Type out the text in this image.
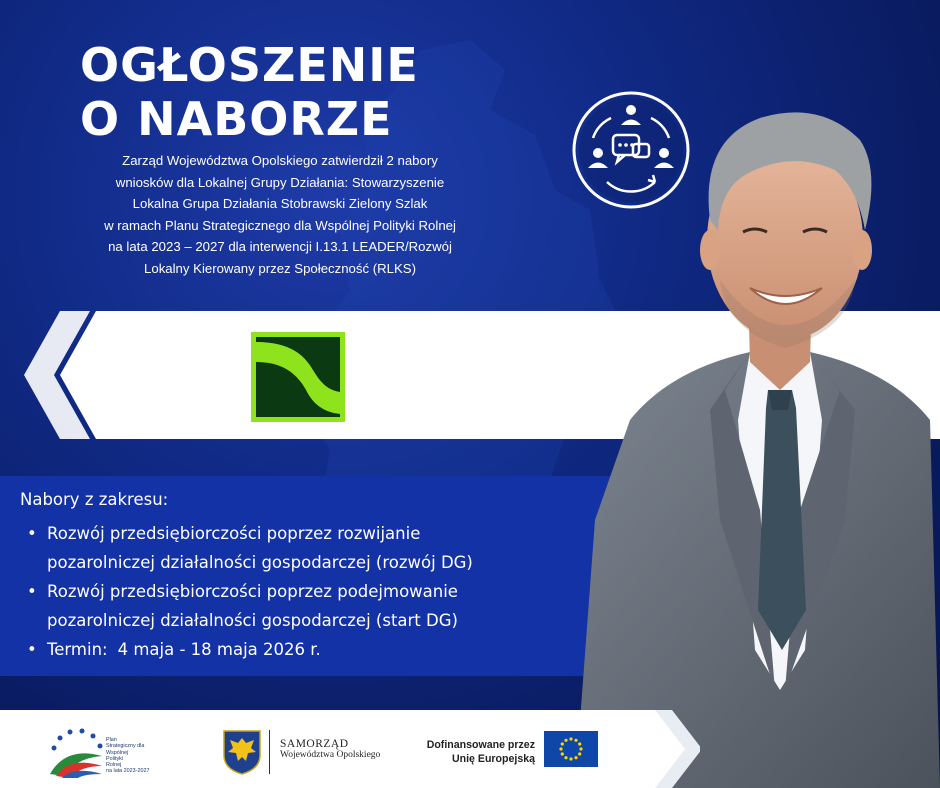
OGŁOSZENIE
O NABORZE

Zarząd Województwa Opolskiego zatwierdził 2 nabory
wniosków dla Lokalnej Grupy Działania: Stowarzyszenie
Lokalna Grupa Działania Stobrawski Zielony Szlak
w ramach Planu Strategicznego dla Wspólnej Polityki Rolnej
na lata 2023 – 2027 dla interwencji I.13.1 LEADER/Rozwój
Lokalny Kierowany przez Społeczność (RLKS)

Nabory z zakresu:

• Rozwój przedsiębiorczości poprzez rozwijanie
pozarolniczej działalności gospodarczej (rozwój DG)
• Rozwój przedsiębiorczości poprzez podejmowanie
pozarolniczej działalności gospodarczej (start DG)
• Termin: 4 maja - 18 maja 2026 r.
Plan
Strategiczny dla
Wspólnej
Polityki
Rolnej
na lata 2023-2027
SAMORZĄD
Województwa Opolskiego
Dofinansowane przez
Unię Europejską
